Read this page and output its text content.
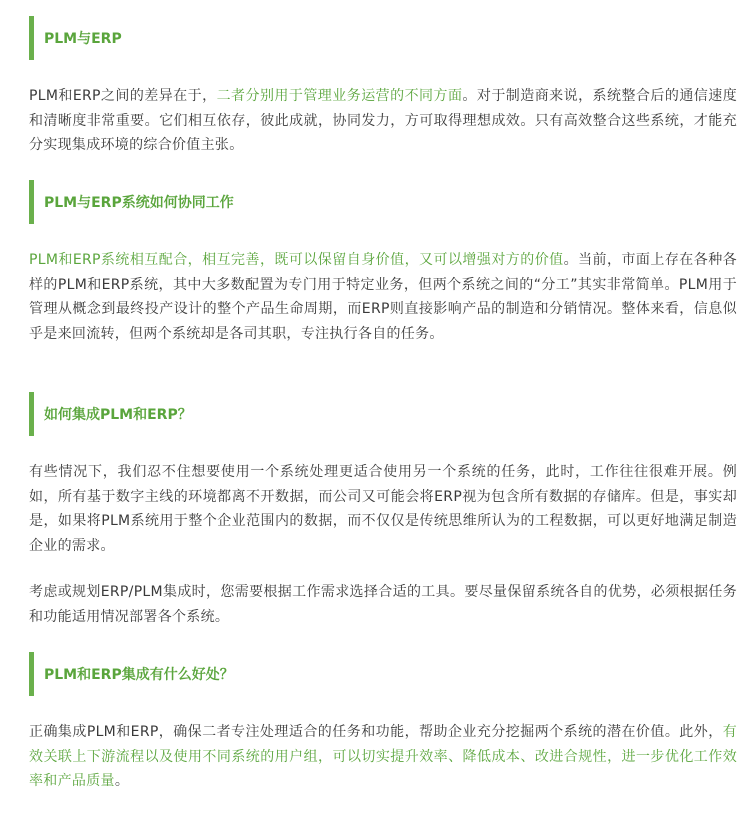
PLM与ERP

PLM和ERP之间的差异在于，二者分别用于管理业务运营的不同方面。对于制造商来说，系统整合后的通信速度和清晰度非常重要。它们相互依存，彼此成就，协同发力，方可取得理想成效。只有高效整合这些系统，才能充分实现集成环境的综合价值主张。

PLM与ERP系统如何协同工作

PLM和ERP系统相互配合，相互完善，既可以保留自身价值，又可以增强对方的价值。当前，市面上存在各种各样的PLM和ERP系统，其中大多数配置为专门用于特定业务，但两个系统之间的“分工”其实非常简单。PLM用于管理从概念到最终投产设计的整个产品生命周期，而ERP则直接影响产品的制造和分销情况。整体来看，信息似乎是来回流转，但两个系统却是各司其职，专注执行各自的任务。

如何集成PLM和ERP？

有些情况下，我们忍不住想要使用一个系统处理更适合使用另一个系统的任务，此时，工作往往很难开展。例如，所有基于数字主线的环境都离不开数据，而公司又可能会将ERP视为包含所有数据的存储库。但是，事实却是，如果将PLM系统用于整个企业范围内的数据，而不仅仅是传统思维所认为的工程数据，可以更好地满足制造企业的需求。

考虑或规划ERP/PLM集成时，您需要根据工作需求选择合适的工具。要尽量保留系统各自的优势，必须根据任务和功能适用情况部署各个系统。

PLM和ERP集成有什么好处？

正确集成PLM和ERP，确保二者专注处理适合的任务和功能，帮助企业充分挖掘两个系统的潜在价值。此外，有效关联上下游流程以及使用不同系统的用户组，可以切实提升效率、降低成本、改进合规性，进一步优化工作效率和产品质量。
